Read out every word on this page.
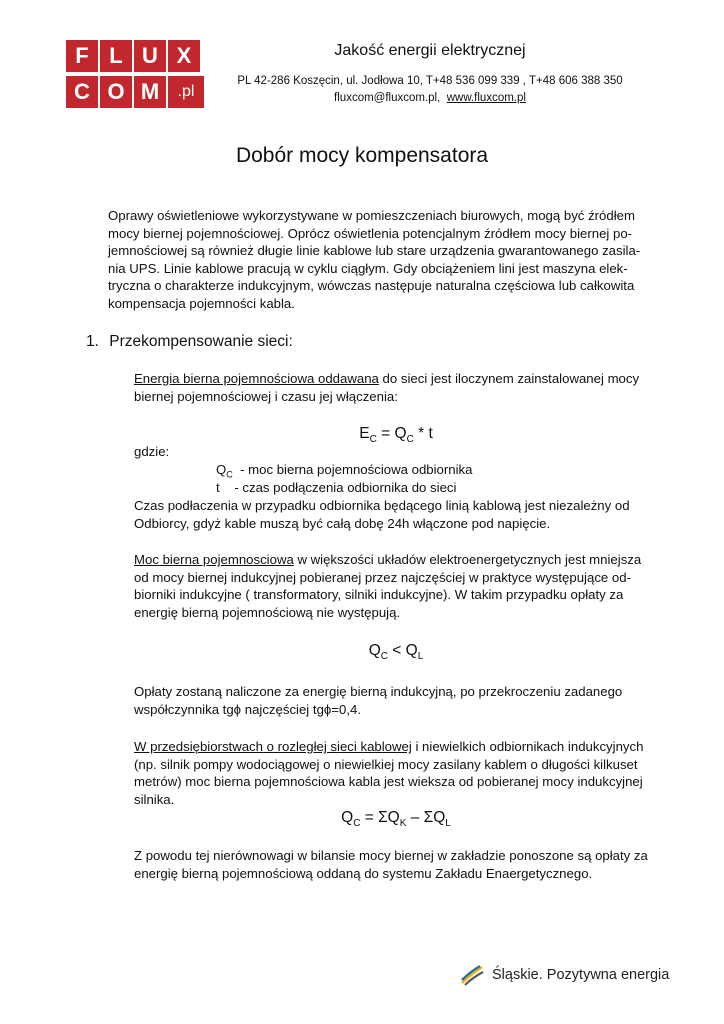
F L U X
C O M	.pl
Jakość energii elektrycznej
PL 42-286 Koszęcin, ul. Jodłowa 10, T+48 536 099 339 , T+48 606 388 350
fluxcom@fluxcom.pl, www.fluxcom.pl
Dobór mocy kompensatora
Oprawy oświetleniowe wykorzystywane w pomieszczeniach biurowych, mogą być źródłem
mocy biernej pojemnościowej. Oprócz oświetlenia potencjalnym źródłem mocy biernej po-
jemnościowej są również długie linie kablowe lub stare urządzenia gwarantowanego zasila-
nia UPS. Linie kablowe pracują w cyklu ciągłym. Gdy obciążeniem lini jest maszyna elek-
tryczna o charakterze indukcyjnym, wówczas następuje naturalna częściowa lub całkowita
kompensacja pojemności kabla.
1. Przekompensowanie sieci:
Energia bierna pojemnościowa oddawana do sieci jest iloczynem zainstalowanej mocy
biernej pojemnościowej i czasu jej włączenia:
$E_C = Q_C * t$
gdzie:
$Q_C$  - moc bierna pojemnościowa odbiornika
t    - czas podłączenia odbiornika do sieci
Czas podłaczenia w przypadku odbiornika będącego linią kablową jest niezależny od
Odbiorcy, gdyż kable muszą być całą dobę 24h włączone pod napięcie.
Moc bierna pojemnosciowa w większości układów elektroenergetycznych jest mniejsza
od mocy biernej indukcyjnej pobieranej przez najczęściej w praktyce występujące od-
biorniki indukcyjne ( transformatory, silniki indukcyjne). W takim przypadku opłaty za
energię bierną pojemnościową nie występują.
$Q_C < Q_L$
Opłaty zostaną naliczone za energię bierną indukcyjną, po przekroczeniu zadanego
współczynnika tgϕ najczęściej tgϕ=0,4.
W przedsiębiorstwach o rozległej sieci kablowej i niewielkich odbiornikach indukcyjnych
(np. silnik pompy wodociągowej o niewielkiej mocy zasilany kablem o długości kilkuset
metrów) moc bierna pojemnościowa kabla jest wieksza od pobieranej mocy indukcyjnej
silnika.
$Q_C = \Sigma Q_K - \Sigma Q_L$
Z powodu tej nierównowagi w bilansie mocy biernej w zakładzie ponoszone są opłaty za
energię bierną pojemnościową oddaną do systemu Zakładu Enaergetycznego.
Śląskie. Pozytywna energia
